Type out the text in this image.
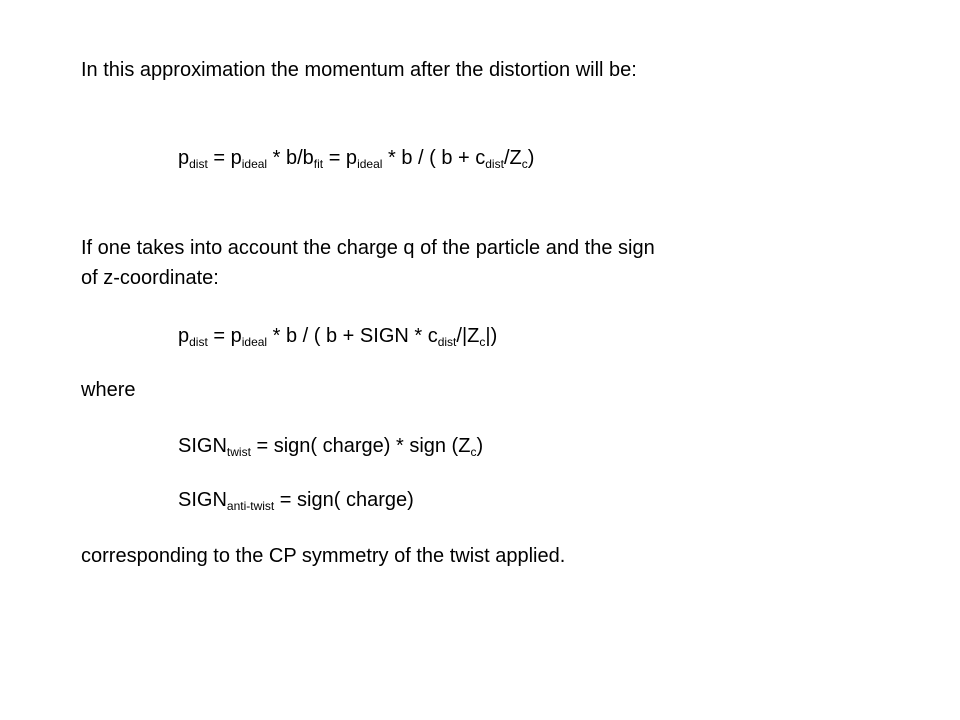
In this approximation the momentum after the distortion will be:
$p_{dist} = p_{ideal} * b/b_{fit} = p_{ideal} * b$ / ( $b + c_{dist}/Z_c$)
If one takes into account the charge q of the particle and the sign
of z-coordinate:
$p_{dist} = p_{ideal} * b$ / ( b + SIGN * $c_{dist}/|Z_c|$)
where
$SIGN_{twist}$ = sign( charge) * sign $(Z_c)$
$SIGN_{anti-twist}$ = sign( charge)
corresponding to the CP symmetry of the twist applied.
